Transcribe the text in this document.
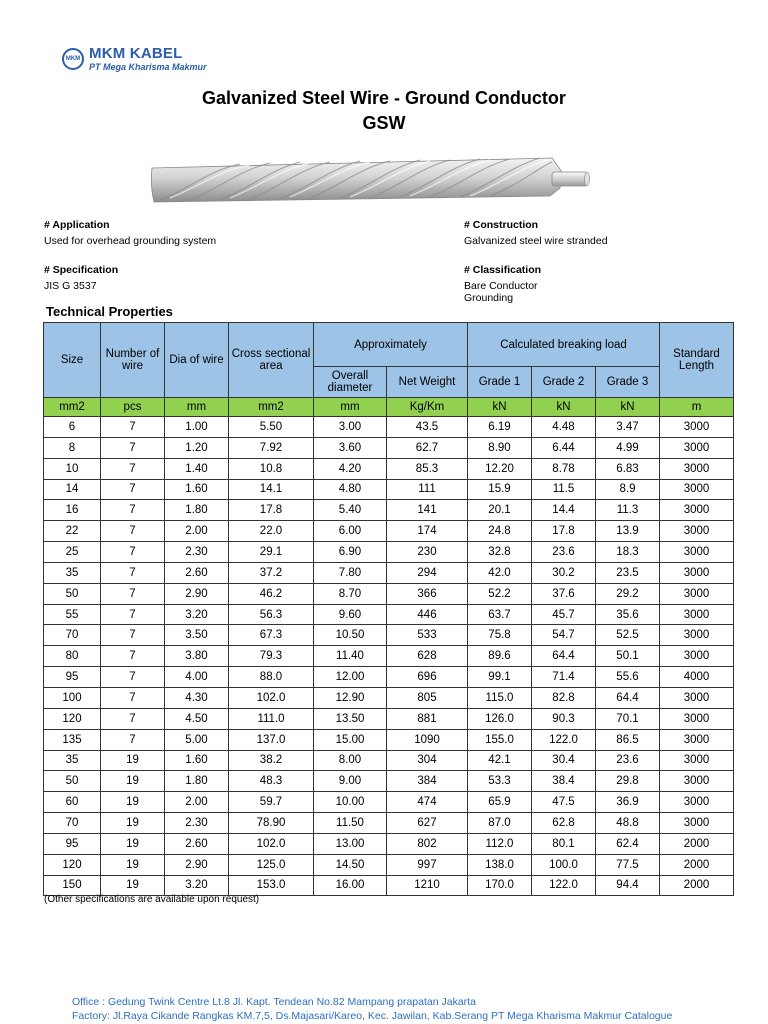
MKM MKM KABEL
PT Mega Kharisma Makmur
Galvanized Steel Wire - Ground Conductor
GSW
# Application
Used for overhead grounding system
# Construction
Galvanized steel wire stranded
# Specification
JIS G 3537
# Classification
Bare Conductor
Grounding
Technical Properties
Size	Number of wire	Dia of wire	Cross sectional area	Approximately		Calculated breaking load			Standard Length
				Overall diameter	Net Weight	Grade 1	Grade 2	Grade 3	
mm2	pcs	mm	mm2	mm	Kg/Km	kN	kN	kN	m
6	7	1.00	5.50	3.00	43.5	6.19	4.48	3.47	3000
8	7	1.20	7.92	3.60	62.7	8.90	6.44	4.99	3000
10	7	1.40	10.8	4.20	85.3	12.20	8.78	6.83	3000
14	7	1.60	14.1	4.80	111	15.9	11.5	8.9	3000
16	7	1.80	17.8	5.40	141	20.1	14.4	11.3	3000
22	7	2.00	22.0	6.00	174	24.8	17.8	13.9	3000
25	7	2.30	29.1	6.90	230	32.8	23.6	18.3	3000
35	7	2.60	37.2	7.80	294	42.0	30.2	23.5	3000
50	7	2.90	46.2	8.70	366	52.2	37.6	29.2	3000
55	7	3.20	56.3	9.60	446	63.7	45.7	35.6	3000
70	7	3.50	67.3	10.50	533	75.8	54.7	52.5	3000
80	7	3.80	79.3	11.40	628	89.6	64.4	50.1	3000
95	7	4.00	88.0	12.00	696	99.1	71.4	55.6	4000
100	7	4.30	102.0	12.90	805	115.0	82.8	64.4	3000
120	7	4.50	111.0	13.50	881	126.0	90.3	70.1	3000
135	7	5.00	137.0	15.00	1090	155.0	122.0	86.5	3000
35	19	1.60	38.2	8.00	304	42.1	30.4	23.6	3000
50	19	1.80	48.3	9.00	384	53.3	38.4	29.8	3000
60	19	2.00	59.7	10.00	474	65.9	47.5	36.9	3000
70	19	2.30	78.90	11.50	627	87.0	62.8	48.8	3000
95	19	2.60	102.0	13.00	802	112.0	80.1	62.4	2000
120	19	2.90	125.0	14.50	997	138.0	100.0	77.5	2000
150	19	3.20	153.0	16.00	1210	170.0	122.0	94.4	2000
(Other specifications are available upon request)
Office : Gedung Twink Centre Lt.8 Jl. Kapt. Tendean No.82 Mampang prapatan Jakarta
Factory: Jl.Raya Cikande Rangkas KM.7,5, Ds.Majasari/Kareo, Kec. Jawilan, Kab.Serang PT Mega Kharisma Makmur Catalogue
